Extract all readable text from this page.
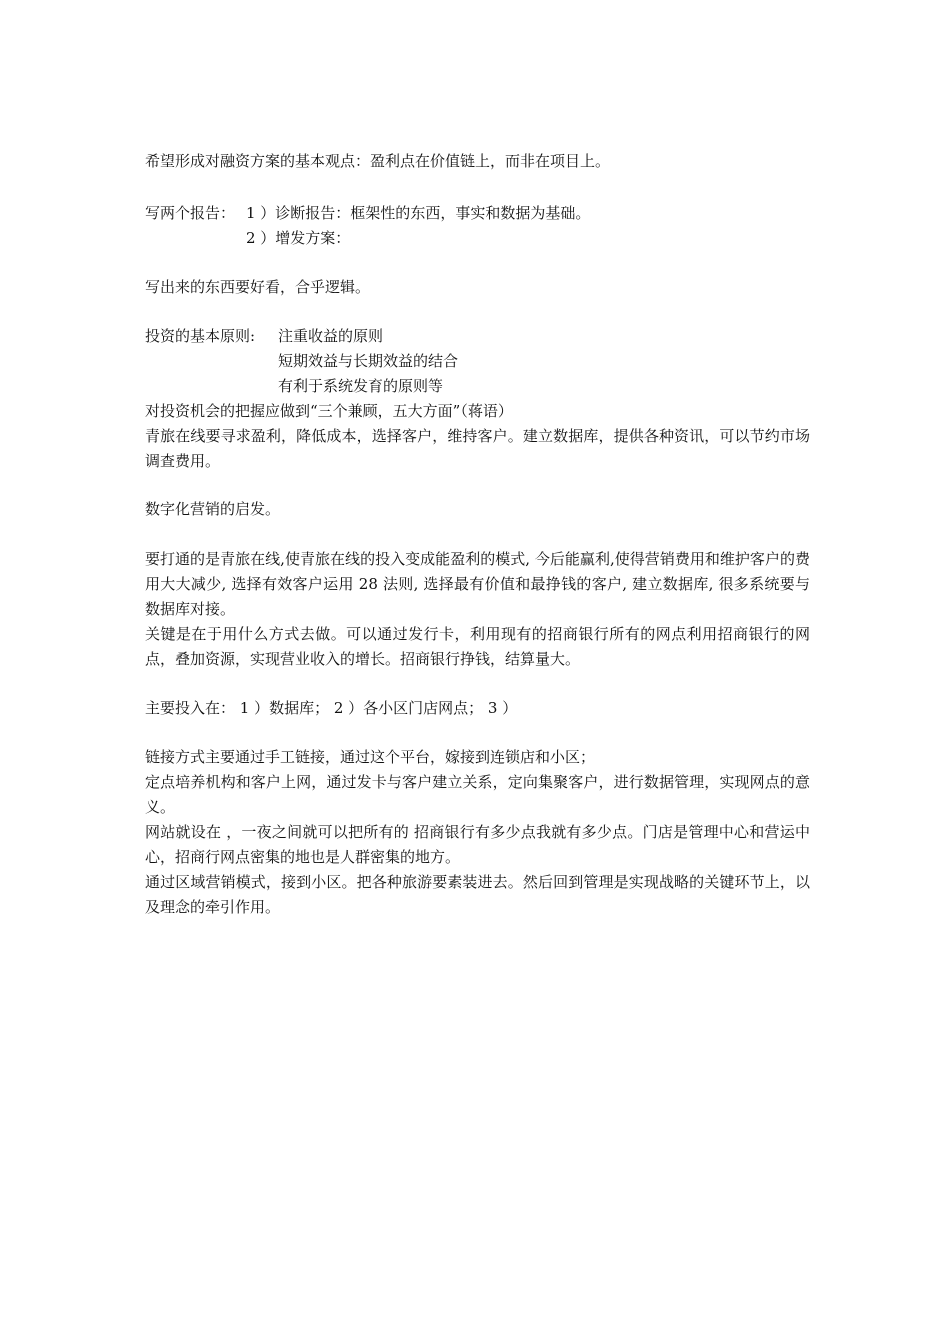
希望形成对融资方案的基本观点：盈利点在价值链上，而非在项目上。
写两个报告： 1 ）诊断报告：框架性的东西，事实和数据为基础。
2 ）增发方案：
写出来的东西要好看，合乎逻辑。
投资的基本原则: 注重收益的原则
短期效益与长期效益的结合
有利于系统发育的原则等
对投资机会的把握应做到“三个兼顾，五大方面”（蒋语）
青旅在线要寻求盈利，降低成本，选择客户，维持客户。建立数据库，提供各种资讯，可以节约市场调查费用。
数字化营销的启发。
要打通的是青旅在线,使青旅在线的投入变成能盈利的模式, 今后能赢利,使得营销费用和维护客户的费用大大减少, 选择有效客户运用 28 法则, 选择最有价值和最挣钱的客户, 建立数据库, 很多系统要与数据库对接。
关键是在于用什么方式去做。可以通过发行卡，利用现有的招商银行所有的网点利用招商银行的网点，叠加资源，实现营业收入的增长。招商银行挣钱，结算量大。
主要投入在： 1 ）数据库； 2 ）各小区门店网点； 3 ）
链接方式主要通过手工链接，通过这个平台，嫁接到连锁店和小区；
定点培养机构和客户上网，通过发卡与客户建立关系，定向集聚客户，进行数据管理，实现网点的意义。
网站就设在 ，一夜之间就可以把所有的 招商银行有多少点我就有多少点。门店是管理中心和营运中心，招商行网点密集的地也是人群密集的地方。
通过区域营销模式，接到小区。把各种旅游要素装进去。然后回到管理是实现战略的关键环节上，以及理念的牵引作用。
